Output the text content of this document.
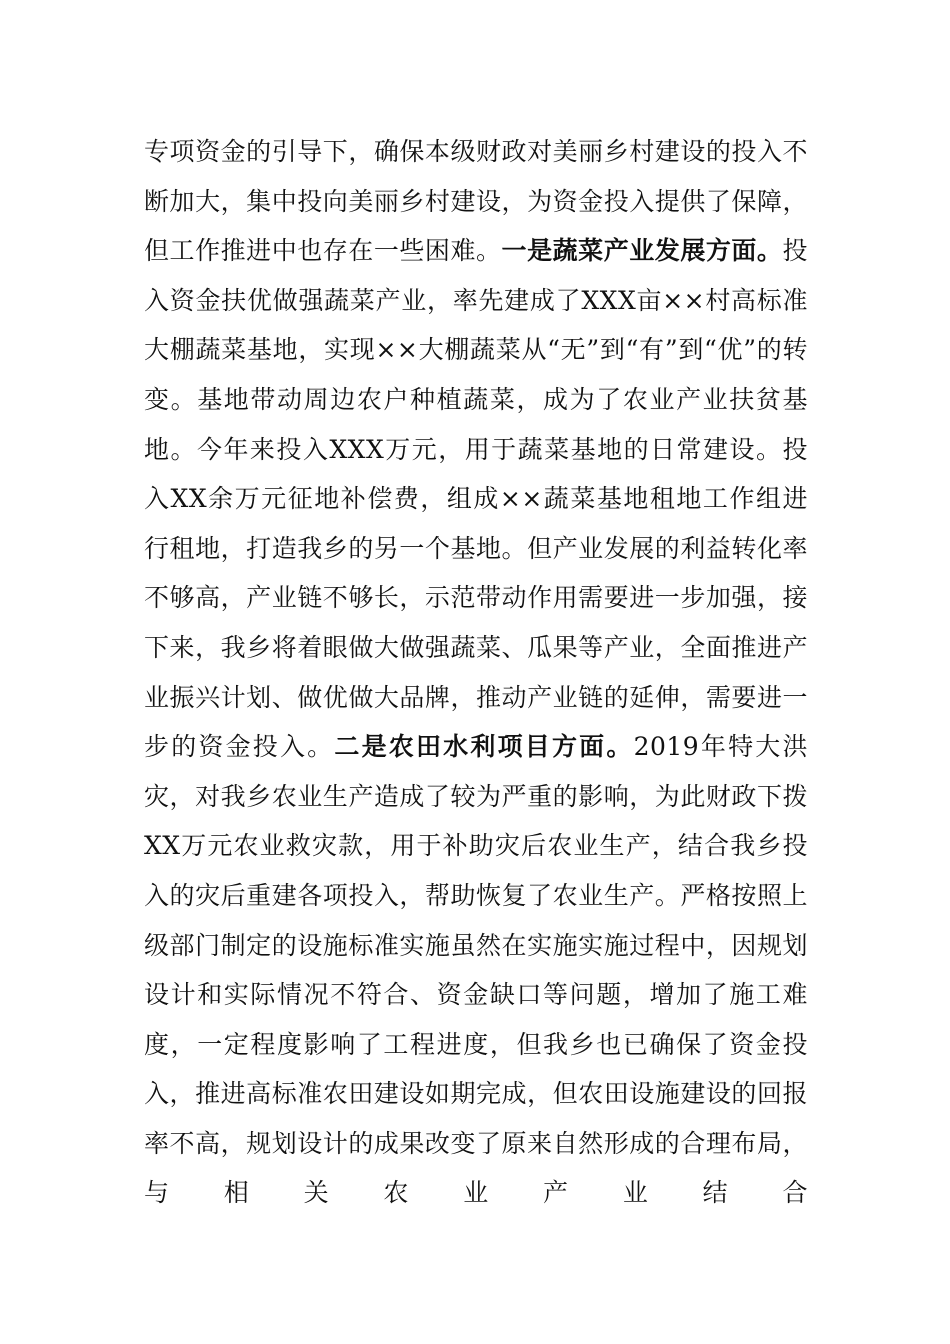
专项资金的引导下，确保本级财政对美丽乡村建设的投入不断加大，集中投向美丽乡村建设，为资金投入提供了保障，但工作推进中也存在一些困难。一是蔬菜产业发展方面。投入资金扶优做强蔬菜产业，率先建成了XXX亩××村高标准大棚蔬菜基地，实现××大棚蔬菜从“无”到“有”到“优”的转变。基地带动周边农户种植蔬菜，成为了农业产业扶贫基地。今年来投入XXX万元，用于蔬菜基地的日常建设。投入XX余万元征地补偿费，组成××蔬菜基地租地工作组进行租地，打造我乡的另一个基地。但产业发展的利益转化率不够高，产业链不够长，示范带动作用需要进一步加强，接下来，我乡将着眼做大做强蔬菜、瓜果等产业，全面推进产业振兴计划、做优做大品牌，推动产业链的延伸，需要进一步的资金投入。二是农田水利项目方面。2019年特大洪灾，对我乡农业生产造成了较为严重的影响，为此财政下拨XX万元农业救灾款，用于补助灾后农业生产，结合我乡投入的灾后重建各项投入，帮助恢复了农业生产。严格按照上级部门制定的设施标准实施虽然在实施实施过程中，因规划设计和实际情况不符合、资金缺口等问题，增加了施工难度，一定程度影响了工程进度，但我乡也已确保了资金投入，推进高标准农田建设如期完成，但农田设施建设的回报率不高，规划设计的成果改变了原来自然形成的合理布局，与相关农业产业结合
